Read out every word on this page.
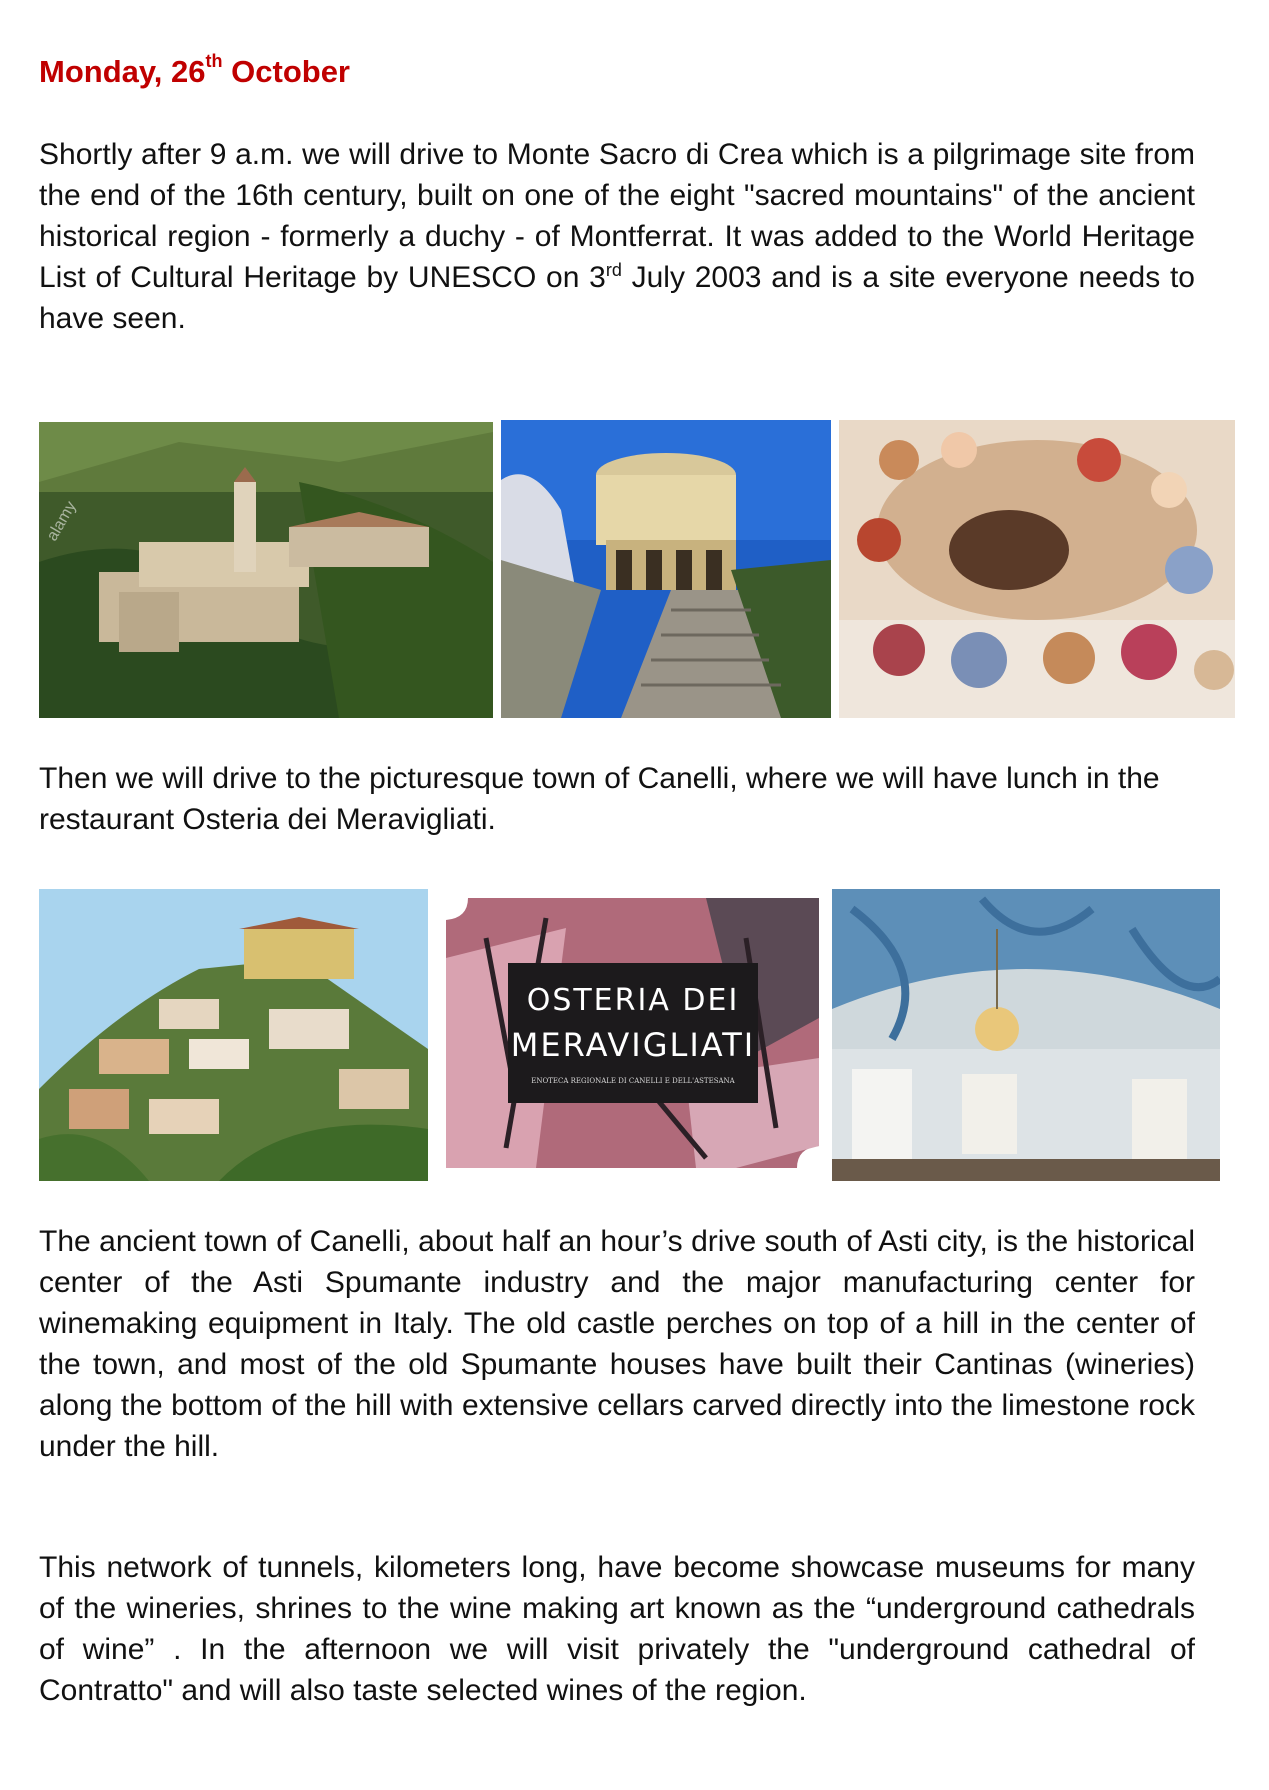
Monday, 26th October

Shortly after 9 a.m. we will drive to Monte Sacro di Crea which is a pilgrimage site from the end of the 16th century, built on one of the eight "sacred mountains" of the ancient historical region - formerly a duchy - of Montferrat. It was added to the World Heritage List of Cultural Heritage by UNESCO on 3rd July 2003 and is a site everyone needs to have seen.

alamy

Then we will drive to the picturesque town of Canelli, where we will have lunch in the restaurant Osteria dei Meravigliati.

OSTERIA DEI
MERAVIGLIATI
ENOTECA REGIONALE DI CANELLI E DELL'ASTESANA

The ancient town of Canelli, about half an hour’s drive south of Asti city, is the historical center of the Asti Spumante industry and the major manufacturing center for winemaking equipment in Italy. The old castle perches on top of a hill in the center of the town, and most of the old Spumante houses have built their Cantinas (wineries) along the bottom of the hill with extensive cellars carved directly into the limestone rock under the hill.

This network of tunnels, kilometers long, have become showcase museums for many of the wineries, shrines to the wine making art known as the “underground cathedrals of wine” . In the afternoon we will visit privately the "underground cathedral of Contratto" and will also taste selected wines of the region.
